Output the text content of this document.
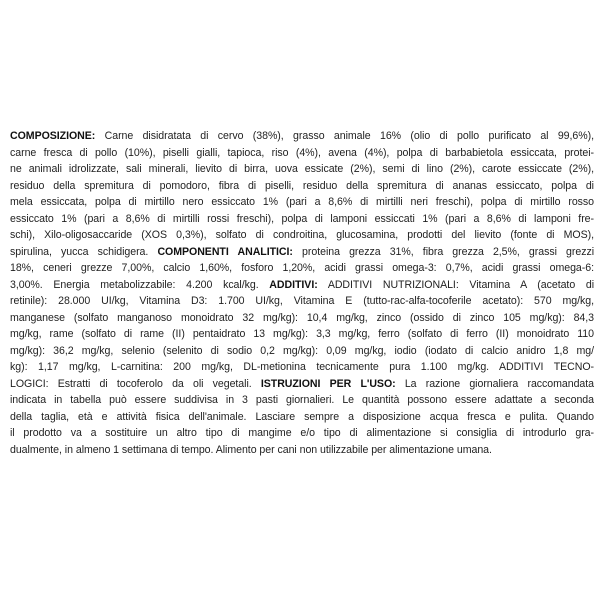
COMPOSIZIONE: Carne disidratata di cervo (38%), grasso animale 16% (olio di pollo purificato al 99,6%),
carne fresca di pollo (10%), piselli gialli, tapioca, riso (4%), avena (4%), polpa di barbabietola essiccata, protei-
ne animali idrolizzate, sali minerali, lievito di birra, uova essicate (2%), semi di lino (2%), carote essiccate (2%),
residuo della spremitura di pomodoro, fibra di piselli, residuo della spremitura di ananas essiccato, polpa di
mela essiccata, polpa di mirtillo nero essiccato 1% (pari a 8,6% di mirtilli neri freschi), polpa di mirtillo rosso
essiccato 1% (pari a 8,6% di mirtilli rossi freschi), polpa di lamponi essiccati 1% (pari a 8,6% di lamponi fre-
schi), Xilo-oligosaccaride (XOS 0,3%), solfato di condroitina, glucosamina, prodotti del lievito (fonte di MOS),
spirulina, yucca schidigera. COMPONENTI ANALITICI: proteina grezza 31%, fibra grezza 2,5%, grassi grezzi
18%, ceneri grezze 7,00%, calcio 1,60%, fosforo 1,20%, acidi grassi omega-3: 0,7%, acidi grassi omega-6:
3,00%. Energia metabolizzabile: 4.200 kcal/kg. ADDITIVI: ADDITIVI NUTRIZIONALI: Vitamina A (acetato di
retinile): 28.000 UI/kg, Vitamina D3: 1.700 UI/kg, Vitamina E (tutto-rac-alfa-tocoferile acetato): 570 mg/kg,
manganese (solfato manganoso monoidrato 32 mg/kg): 10,4 mg/kg, zinco (ossido di zinco 105 mg/kg): 84,3
mg/kg, rame (solfato di rame (II) pentaidrato 13 mg/kg): 3,3 mg/kg, ferro (solfato di ferro (II) monoidrato 110
mg/kg): 36,2 mg/kg, selenio (selenito di sodio 0,2 mg/kg): 0,09 mg/kg, iodio (iodato di calcio anidro 1,8 mg/
kg): 1,17 mg/kg, L-carnitina: 200 mg/kg, DL-metionina tecnicamente pura 1.100 mg/kg. ADDITIVI TECNO-
LOGICI: Estratti di tocoferolo da oli vegetali. ISTRUZIONI PER L'USO: La razione giornaliera raccomandata
indicata in tabella può essere suddivisa in 3 pasti giornalieri. Le quantità possono essere adattate a seconda
della taglia, età e attività fisica dell'animale. Lasciare sempre a disposizione acqua fresca e pulita. Quando
il prodotto va a sostituire un altro tipo di mangime e/o tipo di alimentazione si consiglia di introdurlo gra-
dualmente, in almeno 1 settimana di tempo. Alimento per cani non utilizzabile per alimentazione umana.
